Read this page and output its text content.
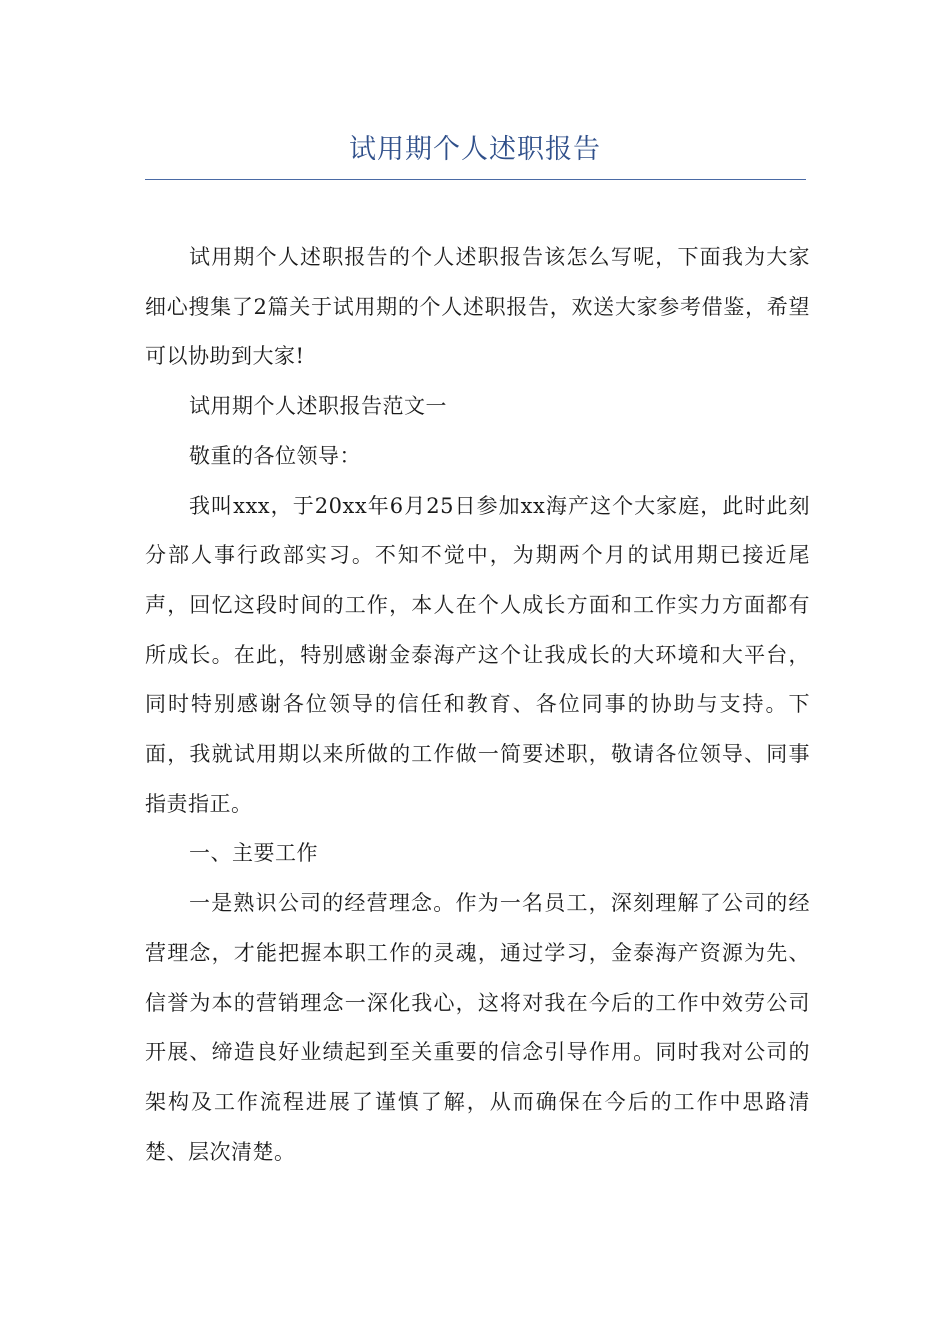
试用期个人述职报告

试用期个人述职报告的个人述职报告该怎么写呢，下面我为大家细心搜集了2篇关于试用期的个人述职报告，欢送大家参考借鉴，希望可以协助到大家!

试用期个人述职报告范文一

敬重的各位领导：

我叫xxx，于20xx年6月25日参加xx海产这个大家庭，此时此刻分部人事行政部实习。不知不觉中，为期两个月的试用期已接近尾声，回忆这段时间的工作，本人在个人成长方面和工作实力方面都有所成长。在此，特别感谢金泰海产这个让我成长的大环境和大平台，同时特别感谢各位领导的信任和教育、各位同事的协助与支持。下面，我就试用期以来所做的工作做一简要述职，敬请各位领导、同事指责指正。

一、主要工作

一是熟识公司的经营理念。作为一名员工，深刻理解了公司的经营理念，才能把握本职工作的灵魂，通过学习，金泰海产资源为先、信誉为本的营销理念一深化我心，这将对我在今后的工作中效劳公司开展、缔造良好业绩起到至关重要的信念引导作用。同时我对公司的架构及工作流程进展了谨慎了解，从而确保在今后的工作中思路清楚、层次清楚。
